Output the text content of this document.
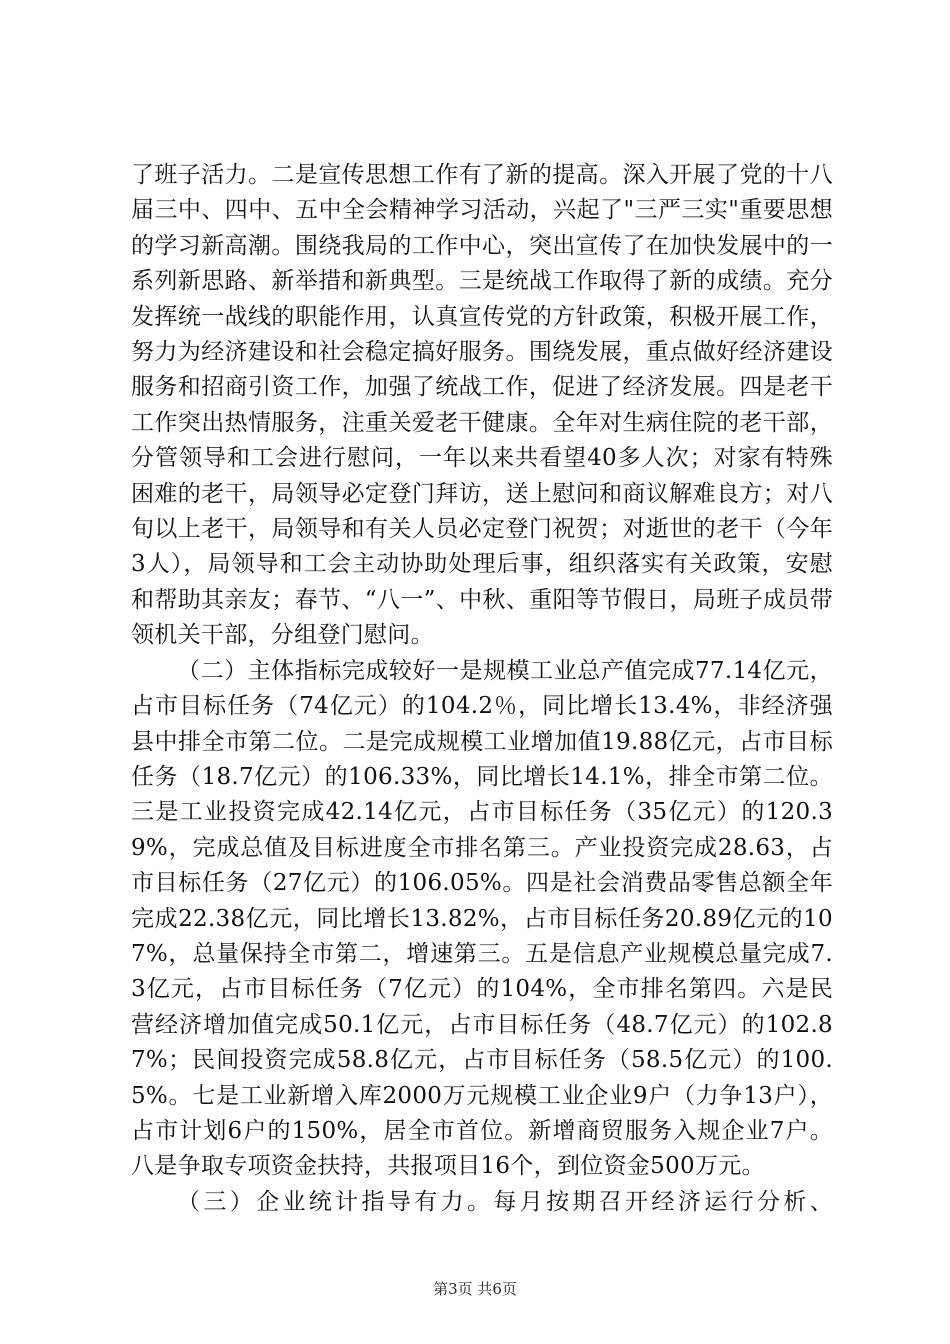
了班子活力。二是宣传思想工作有了新的提高。深入开展了党的十八届三中、四中、五中全会精神学习活动，兴起了"三严三实"重要思想的学习新高潮。围绕我局的工作中心，突出宣传了在加快发展中的一系列新思路、新举措和新典型。三是统战工作取得了新的成绩。充分发挥统一战线的职能作用，认真宣传党的方针政策，积极开展工作，努力为经济建设和社会稳定搞好服务。围绕发展，重点做好经济建设服务和招商引资工作，加强了统战工作，促进了经济发展。四是老干工作突出热情服务，注重关爱老干健康。全年对生病住院的老干部，分管领导和工会进行慰问，一年以来共看望40多人次；对家有特殊困难的老干，局领导必定登门拜访，送上慰问和商议解难良方；对八旬以上老干，局领导和有关人员必定登门祝贺；对逝世的老干（今年3人），局领导和工会主动协助处理后事，组织落实有关政策，安慰和帮助其亲友；春节、“八一”、中秋、重阳等节假日，局班子成员带领机关干部，分组登门慰问。

（二）主体指标完成较好一是规模工业总产值完成77.14亿元，占市目标任务（74亿元）的104.2％，同比增长13.4%，非经济强县中排全市第二位。二是完成规模工业增加值19.88亿元，占市目标任务（18.7亿元）的106.33%，同比增长14.1%，排全市第二位。三是工业投资完成42.14亿元，占市目标任务（35亿元）的120.39%，完成总值及目标进度全市排名第三。产业投资完成28.63，占市目标任务（27亿元）的106.05%。四是社会消费品零售总额全年完成22.38亿元，同比增长13.82%，占市目标任务20.89亿元的107%，总量保持全市第二，增速第三。五是信息产业规模总量完成7.3亿元，占市目标任务（7亿元）的104%，全市排名第四。六是民营经济增加值完成50.1亿元，占市目标任务（48.7亿元）的102.87%；民间投资完成58.8亿元，占市目标任务（58.5亿元）的100.5%。七是工业新增入库2000万元规模工业企业9户（力争13户），占市计划6户的150%，居全市首位。新增商贸服务入规企业7户。八是争取专项资金扶持，共报项目16个，到位资金500万元。

（三）企业统计指导有力。每月按期召开经济运行分析、

第3页 共6页
